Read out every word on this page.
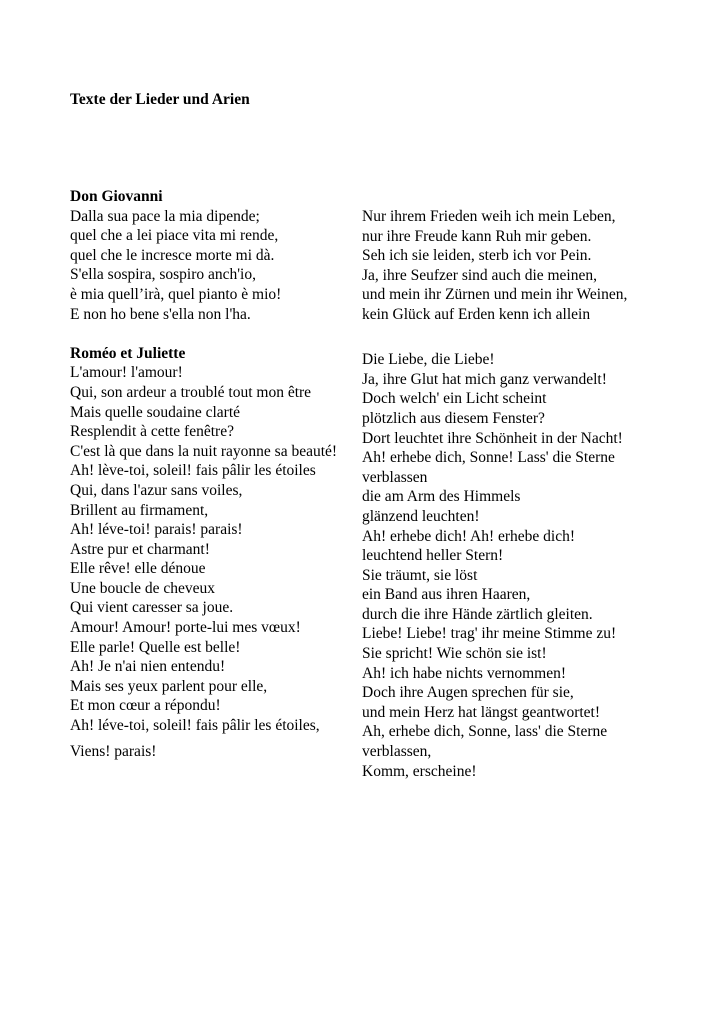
Texte der Lieder und Arien
Don Giovanni
Dalla sua pace la mia dipende;
quel che a lei piace vita mi rende,
quel che le incresce morte mi dà.
S'ella sospira, sospiro anch'io,
è mia quell’irà, quel pianto è mio!
E non ho bene s'ella non l'ha.
Roméo et Juliette
L'amour! l'amour!
Qui, son ardeur a troublé tout mon être
Mais quelle soudaine clarté
Resplendit à cette fenêtre?
C'est là que dans la nuit rayonne sa beauté!
Ah! lève-toi, soleil! fais pâlir les étoiles
Qui, dans l'azur sans voiles,
Brillent au firmament,
Ah! léve-toi! parais! parais!
Astre pur et charmant!
Elle rêve! elle dénoue
Une boucle de cheveux
Qui vient caresser sa joue.
Amour! Amour! porte-lui mes vœux!
Elle parle! Quelle est belle!
Ah! Je n'ai nien entendu!
Mais ses yeux parlent pour elle,
Et mon cœur a répondu!
Ah! léve-toi, soleil! fais pâlir les étoiles,
Viens! parais!
Nur ihrem Frieden weih ich mein Leben,
nur ihre Freude kann Ruh mir geben.
Seh ich sie leiden, sterb ich vor Pein.
Ja, ihre Seufzer sind auch die meinen,
und mein ihr Zürnen und mein ihr Weinen,
kein Glück auf Erden kenn ich allein
Die Liebe, die Liebe!
Ja, ihre Glut hat mich ganz verwandelt!
Doch welch' ein Licht scheint
plötzlich aus diesem Fenster?
Dort leuchtet ihre Schönheit in der Nacht!
Ah! erhebe dich, Sonne! Lass' die Sterne verblassen
die am Arm des Himmels
glänzend leuchten!
Ah! erhebe dich! Ah! erhebe dich!
leuchtend heller Stern!
Sie träumt, sie löst
ein Band aus ihren Haaren,
durch die ihre Hände zärtlich gleiten.
Liebe! Liebe! trag' ihr meine Stimme zu!
Sie spricht! Wie schön sie ist!
Ah! ich habe nichts vernommen!
Doch ihre Augen sprechen für sie,
und mein Herz hat längst geantwortet!
Ah, erhebe dich, Sonne, lass' die Sterne verblassen,
Komm, erscheine!
